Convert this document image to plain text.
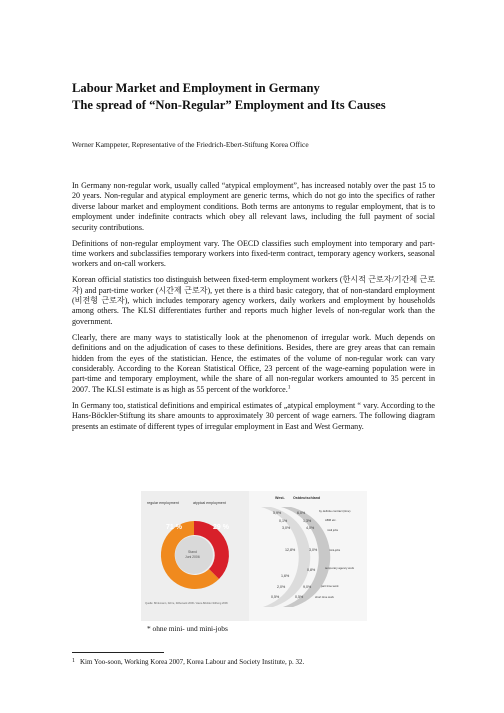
Labour Market and Employment in Germany
The spread of “Non-Regular” Employment and Its Causes
Werner Kamppeter, Representative of the Friedrich-Ebert-Stiftung Korea Office

In Germany non-regular work, usually called “atypical employment”, has increased notably over the past 15 to 20 years. Non-regular and atypical employment are generic terms, which do not go into the specifics of rather diverse labour market and employment conditions. Both terms are antonyms to regular employment, that is to employment under indefinite contracts which obey all relevant laws, including the full payment of social security contributions.

Definitions of non-regular employment vary. The OECD classifies such employment into temporary and part-time workers and subclassifies temporary workers into fixed-term contract, temporary agency workers, seasonal workers and on-call workers.

Korean official statistics too distinguish between fixed-term employment workers (한시적 근로자/기간제 근로자) and part-time worker (시간제 근로자), yet there is a third basic category, that of non-standard employment (비전형 근로자), which includes temporary agency workers, daily workers and employment by households among others. The KLSI differentiates further and reports much higher levels of non-regular work than the government.

Clearly, there are many ways to statistically look at the phenomenon of irregular work. Much depends on definitions and on the adjudication of cases to these definitions. Besides, there are grey areas that can remain hidden from the eyes of the statistician. Hence, the estimates of the volume of non-regular work can vary considerably. According to the Korean Statistical Office, 23 percent of the wage-earning population were in part-time and temporary employment, while the share of all non-regular workers amounted to 35 percent in 2007. The KLSI estimate is as high as 55 percent of the workforce.$^1$

In Germany too, statistical definitions and empirical estimates of „atypical employment “ vary. According to the Hans-Böckler-Stiftung its share amounts to approximately 30 percent of wage earners. The following diagram presents an estimate of different types of irregular employment in East and West Germany.

regular employment	atypical employment
71 %	29 %
Stand
Juni 2006
Quelle: Brinkmann, Dörre, Röbenack 2006 / Hans-Böckler-Stiftung 2006
West- Ostdeutschland
5,9%
0,1%
3,0%
12,8%
1,6%
2,0%
0,5%
6,0%
1,3%
4,0%
3,0%
0,8%
9,0%
0,5%
by definite contract (time)
ABM etc.
midi jobs
mini-jobs
temporary agency work
part time work
short time work
* ohne mini- und mini-jobs
1 Kim Yoo-soon, Working Korea 2007, Korea Labour and Society Institute, p. 32.
